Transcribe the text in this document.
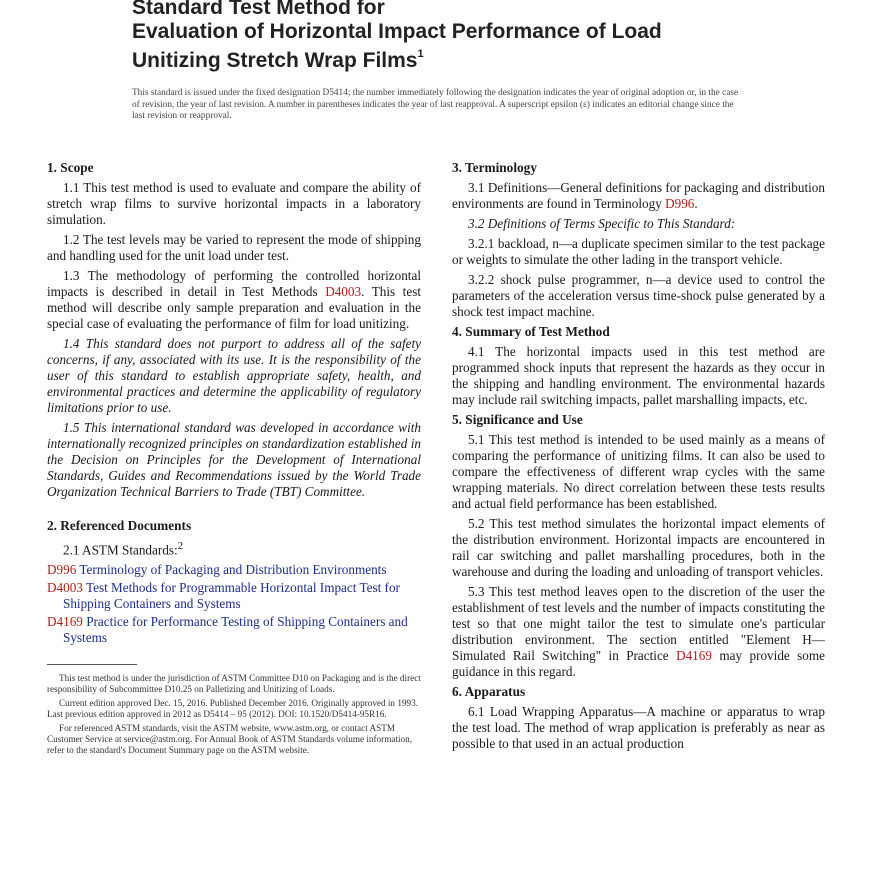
Standard Test Method for
Evaluation of Horizontal Impact Performance of Load
Unitizing Stretch Wrap Films$^1$
This standard is issued under the fixed designation D5414; the number immediately following the designation indicates the year of original adoption or, in the case of revision, the year of last revision. A number in parentheses indicates the year of last reapproval. A superscript epsilon (ε) indicates an editorial change since the last revision or reapproval.
1. Scope

1.1 This test method is used to evaluate and compare the ability of stretch wrap films to survive horizontal impacts in a laboratory simulation.

1.2 The test levels may be varied to represent the mode of shipping and handling used for the unit load under test.

1.3 The methodology of performing the controlled horizontal impacts is described in detail in Test Methods D4003. This test method will describe only sample preparation and evaluation in the special case of evaluating the performance of film for load unitizing.

1.4 This standard does not purport to address all of the safety concerns, if any, associated with its use. It is the responsibility of the user of this standard to establish appropriate safety, health, and environmental practices and determine the applicability of regulatory limitations prior to use.

1.5 This international standard was developed in accordance with internationally recognized principles on standardization established in the Decision on Principles for the Development of International Standards, Guides and Recommendations issued by the World Trade Organization Technical Barriers to Trade (TBT) Committee.

2. Referenced Documents

2.1 ASTM Standards:$^2$

D996 Terminology of Packaging and Distribution Environments
D4003 Test Methods for Programmable Horizontal Impact Test for Shipping Containers and Systems
D4169 Practice for Performance Testing of Shipping Containers and Systems

This test method is under the jurisdiction of ASTM Committee D10 on Packaging and is the direct responsibility of Subcommittee D10.25 on Palletizing and Unitizing of Loads.

Current edition approved Dec. 15, 2016. Published December 2016. Originally approved in 1993. Last previous edition approved in 2012 as D5414 – 95 (2012). DOI: 10.1520/D5414-95R16.

For referenced ASTM standards, visit the ASTM website, www.astm.org, or contact ASTM Customer Service at service@astm.org. For Annual Book of ASTM Standards volume information, refer to the standard's Document Summary page on the ASTM website.

3. Terminology

3.1 Definitions—General definitions for packaging and distribution environments are found in Terminology D996.

3.2 Definitions of Terms Specific to This Standard:

3.2.1 backload, n—a duplicate specimen similar to the test package or weights to simulate the other lading in the transport vehicle.

3.2.2 shock pulse programmer, n—a device used to control the parameters of the acceleration versus time-shock pulse generated by a shock test impact machine.

4. Summary of Test Method

4.1 The horizontal impacts used in this test method are programmed shock inputs that represent the hazards as they occur in the shipping and handling environment. The environmental hazards may include rail switching impacts, pallet marshalling impacts, etc.

5. Significance and Use

5.1 This test method is intended to be used mainly as a means of comparing the performance of unitizing films. It can also be used to compare the effectiveness of different wrap cycles with the same wrapping materials. No direct correlation between these tests results and actual field performance has been established.

5.2 This test method simulates the horizontal impact elements of the distribution environment. Horizontal impacts are encountered in rail car switching and pallet marshalling procedures, both in the warehouse and during the loading and unloading of transport vehicles.

5.3 This test method leaves open to the discretion of the user the establishment of test levels and the number of impacts constituting the test so that one might tailor the test to simulate one's particular distribution environment. The section entitled "Element H—Simulated Rail Switching" in Practice D4169 may provide some guidance in this regard.

6. Apparatus

6.1 Load Wrapping Apparatus—A machine or apparatus to wrap the test load. The method of wrap application is preferably as near as possible to that used in an actual production
